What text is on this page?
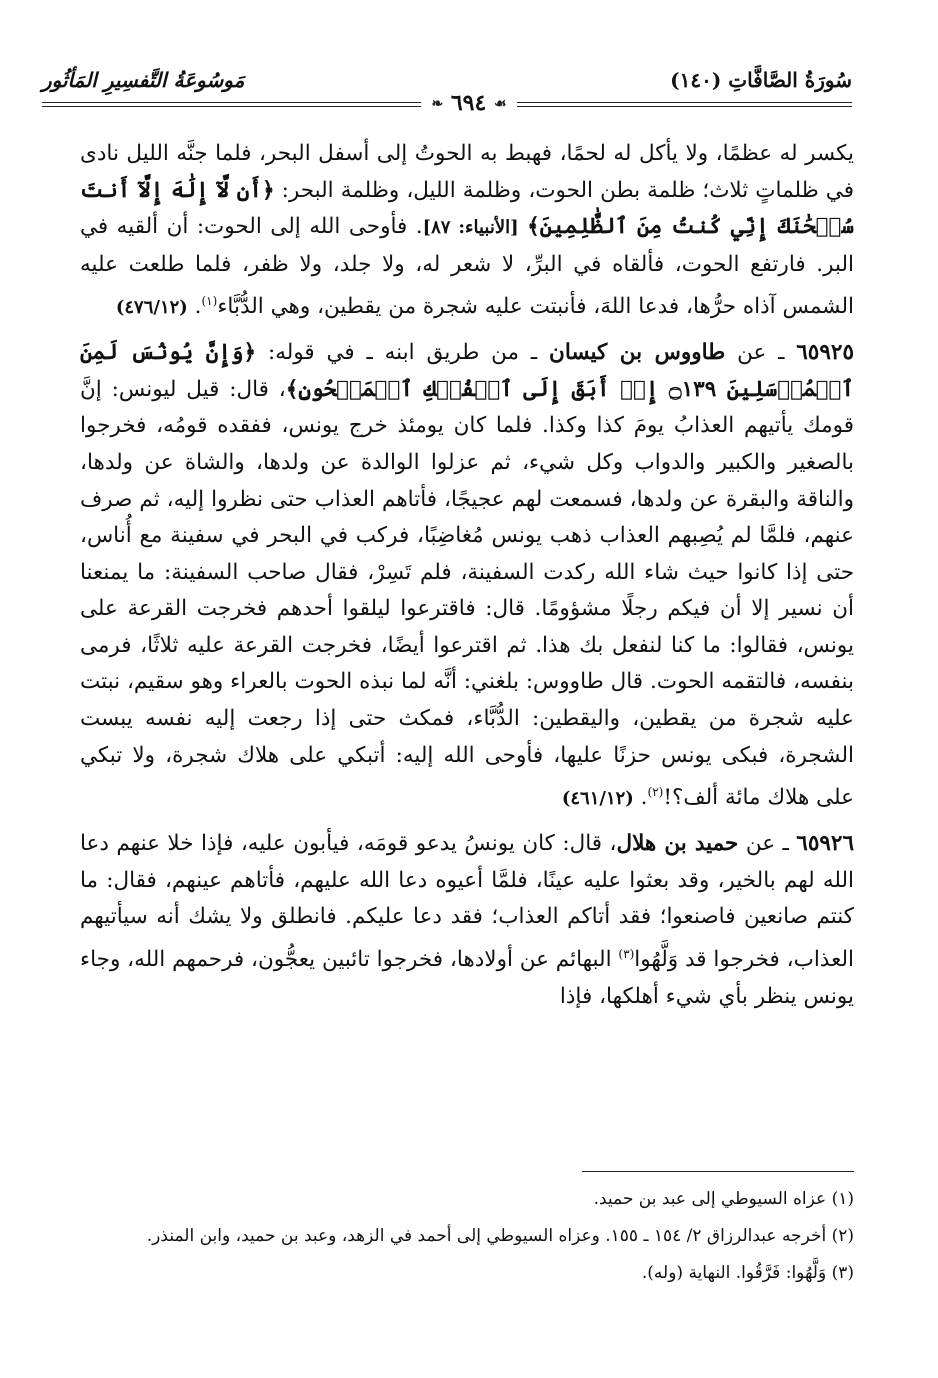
سُورَةُ الصَّافَّاتِ (١٤٠)
مَوسُوعَةُ التَّفسِيرِ المَأثُور
❧ ٦٩٤ ☙

يكسر له عظمًا، ولا يأكل له لحمًا، فهبط به الحوتُ إلى أسفل البحر، فلما جنَّه الليل نادى في ظلماتٍ ثلاث؛ ظلمة بطن الحوت، وظلمة الليل، وظلمة البحر: ﴿أَن لَّآ إِلَٰهَ إِلَّآ أَنتَ سُبۡحَٰنَكَ إِنِّي كُنتُ مِنَ ٱلظَّٰلِمِينَ﴾ [الأنبياء: ٨٧]. فأوحى الله إلى الحوت: أن ألقيه في البر. فارتفع الحوت، فألقاه في البرِّ، لا شعر له، ولا جلد، ولا ظفر، فلما طلعت عليه الشمس آذاه حرُّها، فدعا اللهَ، فأنبتت عليه شجرة من يقطين، وهي الدُّبَّاء$^{(١)}$. (٤٧٦/١٢)

٦٥٩٢٥ ـ عن طاووس بن كيسان ـ من طريق ابنه ـ في قوله: ﴿وَإِنَّ يُونُسَ لَمِنَ ٱلۡمُرۡسَلِينَ ۝١٣٩ إِذۡ أَبَقَ إِلَى ٱلۡفُلۡكِ ٱلۡمَشۡحُونِ﴾، قال: قيل ليونس: إنَّ قومك يأتيهم العذابُ يومَ كذا وكذا. فلما كان يومئذ خرج يونس، ففقده قومُه، فخرجوا بالصغير والكبير والدواب وكل شيء، ثم عزلوا الوالدة عن ولدها، والشاة عن ولدها، والناقة والبقرة عن ولدها، فسمعت لهم عجيجًا، فأتاهم العذاب حتى نظروا إليه، ثم صرف عنهم، فلمَّا لم يُصِبهم العذاب ذهب يونس مُغاضِبًا، فركب في البحر في سفينة مع أُناس، حتى إذا كانوا حيث شاء الله ركدت السفينة، فلم تَسِرْ، فقال صاحب السفينة: ما يمنعنا أن نسير إلا أن فيكم رجلًا مشؤومًا. قال: فاقترعوا ليلقوا أحدهم فخرجت القرعة على يونس، فقالوا: ما كنا لنفعل بك هذا. ثم اقترعوا أيضًا، فخرجت القرعة عليه ثلاثًا، فرمى بنفسه، فالتقمه الحوت. قال طاووس: بلغني: أنَّه لما نبذه الحوت بالعراء وهو سقيم، نبتت عليه شجرة من يقطين، واليقطين: الدُّبَّاء، فمكث حتى إذا رجعت إليه نفسه يبست الشجرة، فبكى يونس حزنًا عليها، فأوحى الله إليه: أتبكي على هلاك شجرة، ولا تبكي على هلاك مائة ألف؟!$^{(٢)}$. (٤٦١/١٢)

٦٥٩٢٦ ـ عن حميد بن هلال، قال: كان يونسُ يدعو قومَه، فيأبون عليه، فإذا خلا عنهم دعا الله لهم بالخير، وقد بعثوا عليه عينًا، فلمَّا أعيوه دعا الله عليهم، فأتاهم عينهم، فقال: ما كنتم صانعين فاصنعوا؛ فقد أتاكم العذاب؛ فقد دعا عليكم. فانطلق ولا يشك أنه سيأتيهم العذاب، فخرجوا قد وَلَّهُوا$^{(٣)}$ البهائم عن أولادها، فخرجوا تائبين يعجُّون، فرحمهم الله، وجاء يونس ينظر بأي شيء أهلكها، فإذا

(١) عزاه السيوطي إلى عبد بن حميد.

(٢) أخرجه عبدالرزاق ٢/ ١٥٤ ـ ١٥٥. وعزاه السيوطي إلى أحمد في الزهد، وعبد بن حميد، وابن المنذر.

(٣) وَلَّهُوا: فَرَّقُوا. النهاية (وله).
